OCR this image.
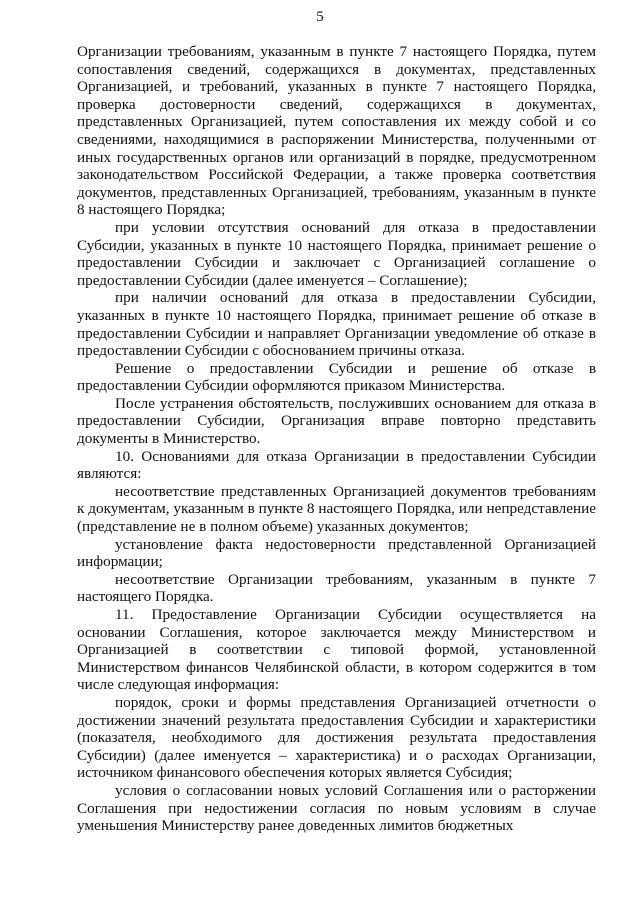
5

Организации требованиям, указанным в пункте 7 настоящего Порядка, путем сопоставления сведений, содержащихся в документах, представленных Организацией, и требований, указанных в пункте 7 настоящего Порядка, проверка достоверности сведений, содержащихся в документах, представленных Организацией, путем сопоставления их между собой и со сведениями, находящимися в распоряжении Министерства, полученными от иных государственных органов или организаций в порядке, предусмотренном законодательством Российской Федерации, а также проверка соответствия документов, представленных Организацией, требованиям, указанным в пункте 8 настоящего Порядка;

при условии отсутствия оснований для отказа в предоставлении Субсидии, указанных в пункте 10 настоящего Порядка, принимает решение о предоставлении Субсидии и заключает с Организацией соглашение о предоставлении Субсидии (далее именуется – Соглашение);

при наличии оснований для отказа в предоставлении Субсидии, указанных в пункте 10 настоящего Порядка, принимает решение об отказе в предоставлении Субсидии и направляет Организации уведомление об отказе в предоставлении Субсидии с обоснованием причины отказа.

Решение о предоставлении Субсидии и решение об отказе в предоставлении Субсидии оформляются приказом Министерства.

После устранения обстоятельств, послуживших основанием для отказа в предоставлении Субсидии, Организация вправе повторно представить документы в Министерство.

10. Основаниями для отказа Организации в предоставлении Субсидии являются:

несоответствие представленных Организацией документов требованиям к документам, указанным в пункте 8 настоящего Порядка, или непредставление (представление не в полном объеме) указанных документов;

установление факта недостоверности представленной Организацией информации;

несоответствие Организации требованиям, указанным в пункте 7 настоящего Порядка.

11. Предоставление Организации Субсидии осуществляется на основании Соглашения, которое заключается между Министерством и Организацией в соответствии с типовой формой, установленной Министерством финансов Челябинской области, в котором содержится в том числе следующая информация:

порядок, сроки и формы представления Организацией отчетности о достижении значений результата предоставления Субсидии и характеристики (показателя, необходимого для достижения результата предоставления Субсидии) (далее именуется – характеристика) и о расходах Организации, источником финансового обеспечения которых является Субсидия;

условия о согласовании новых условий Соглашения или о расторжении Соглашения при недостижении согласия по новым условиям в случае уменьшения Министерству ранее доведенных лимитов бюджетных
